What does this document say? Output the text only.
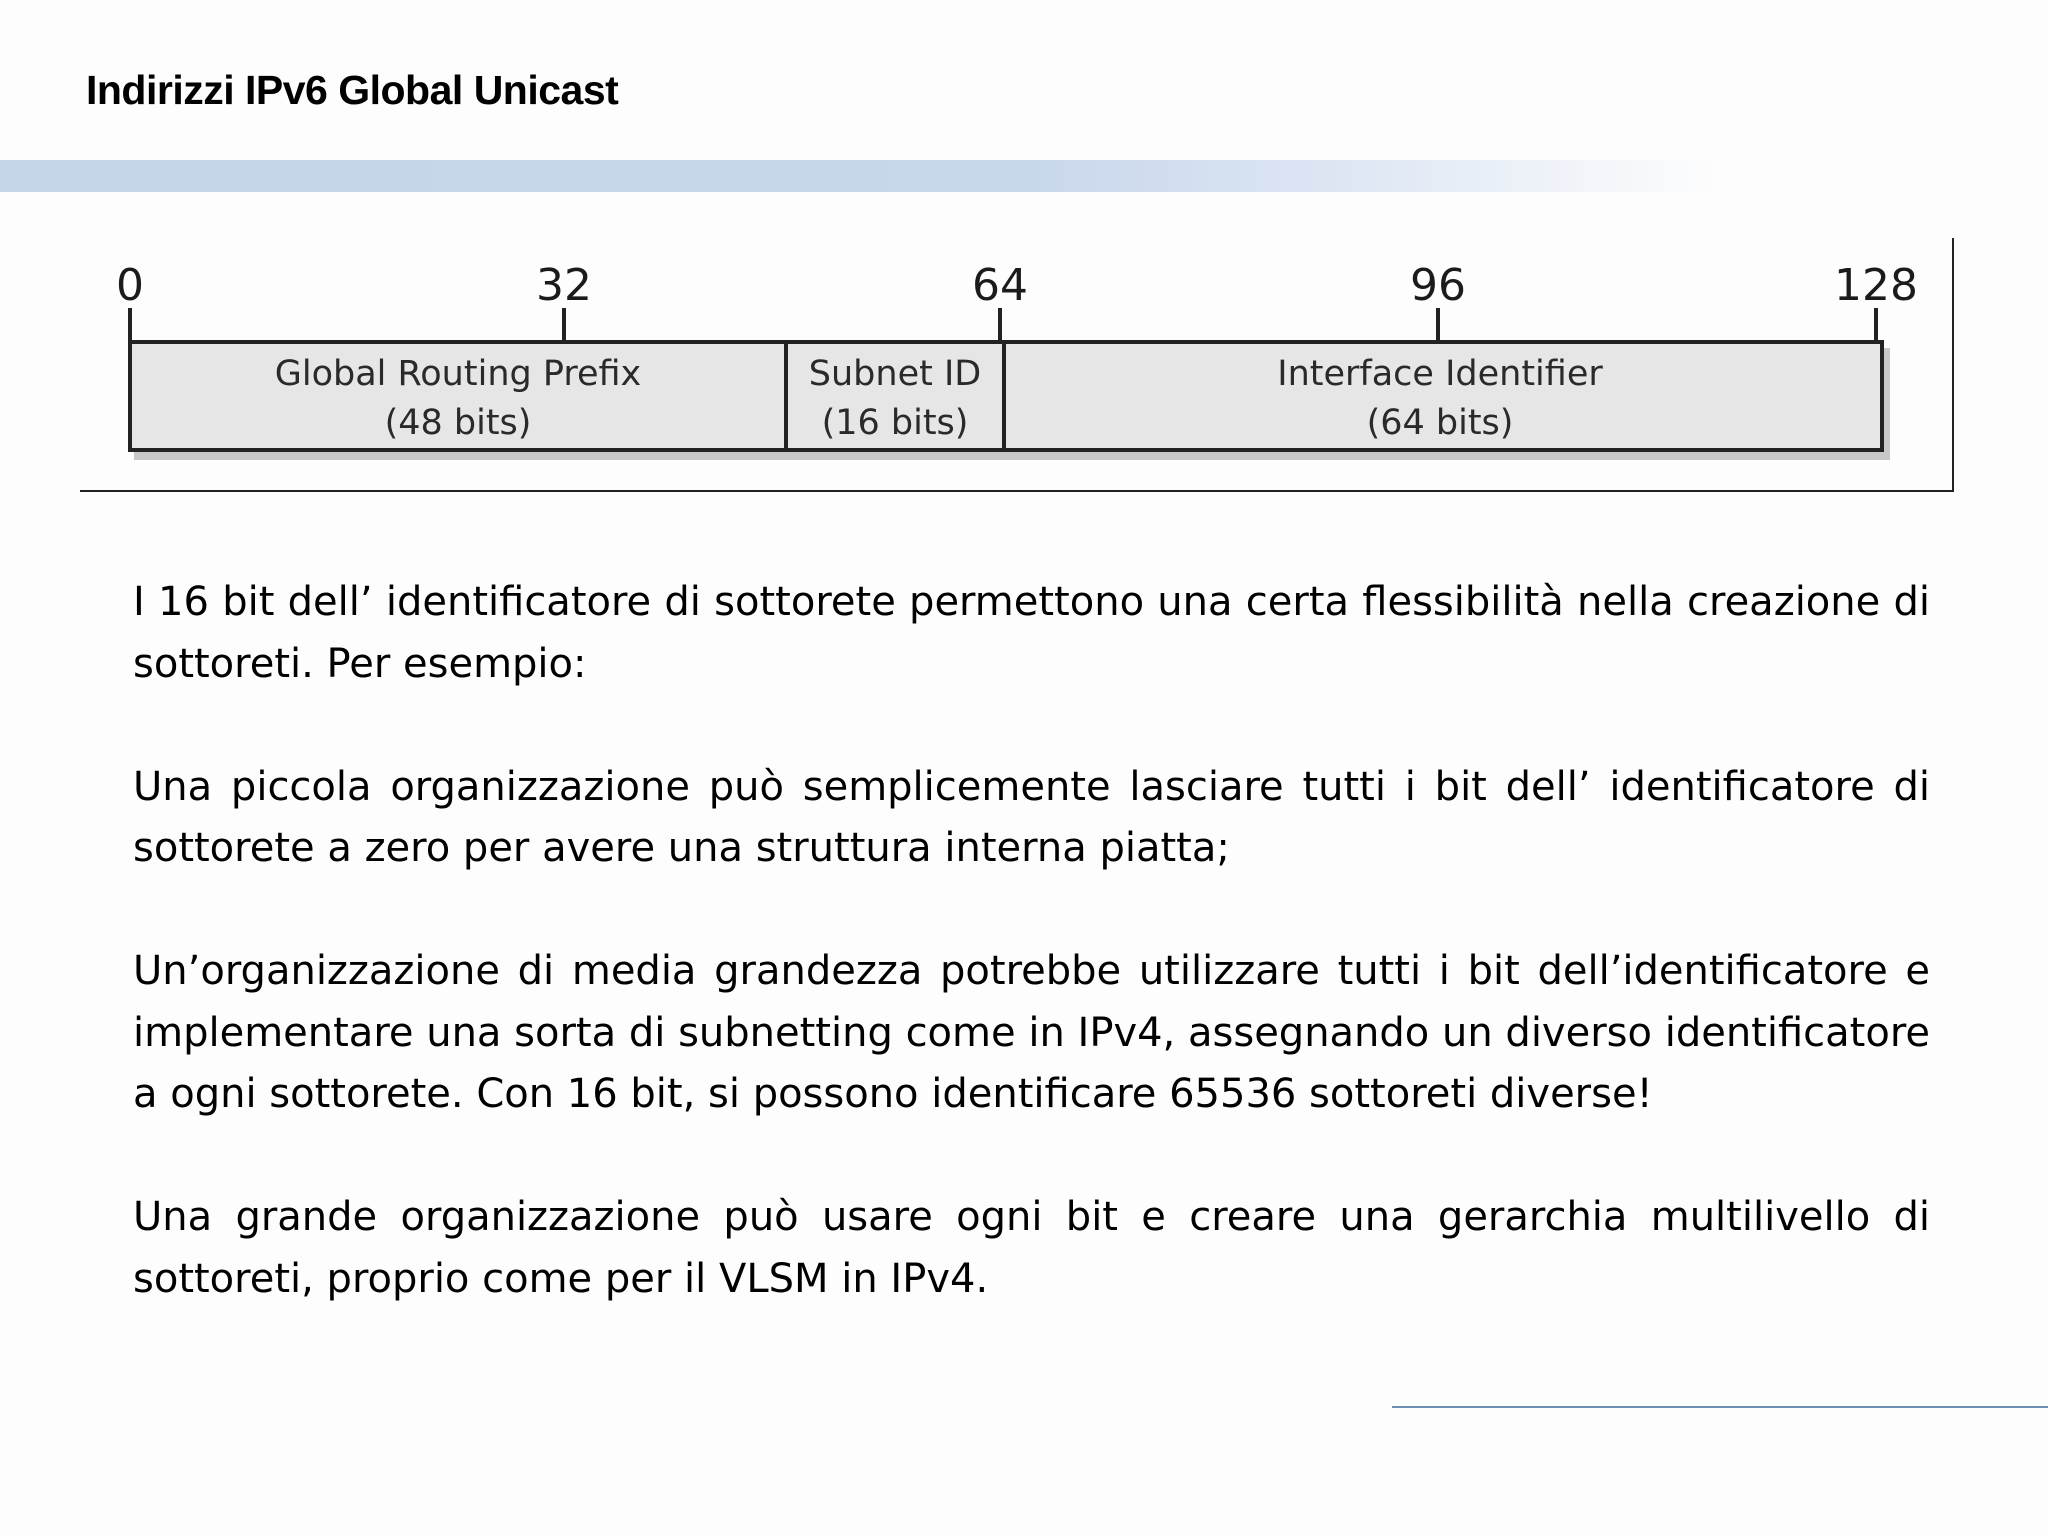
Indirizzi IPv6 Global Unicast
0	32	64	96	128
Global Routing Prefix
(48 bits)
Subnet ID
(16 bits)
Interface Identifier
(64 bits)

I 16 bit dell’ identificatore di sottorete permettono una certa flessibilità nella creazione di sottoreti. Per esempio:

Una piccola organizzazione può semplicemente lasciare tutti i bit dell’ identificatore di sottorete a zero per avere una struttura interna piatta;

Un’organizzazione di media grandezza potrebbe utilizzare tutti i bit dell’identificatore e implementare una sorta di subnetting come in IPv4, assegnando un diverso identificatore a ogni sottorete. Con 16 bit, si possono identificare 65536 sottoreti diverse!

Una grande organizzazione può usare ogni bit e creare una gerarchia multilivello di sottoreti, proprio come per il VLSM in IPv4.
